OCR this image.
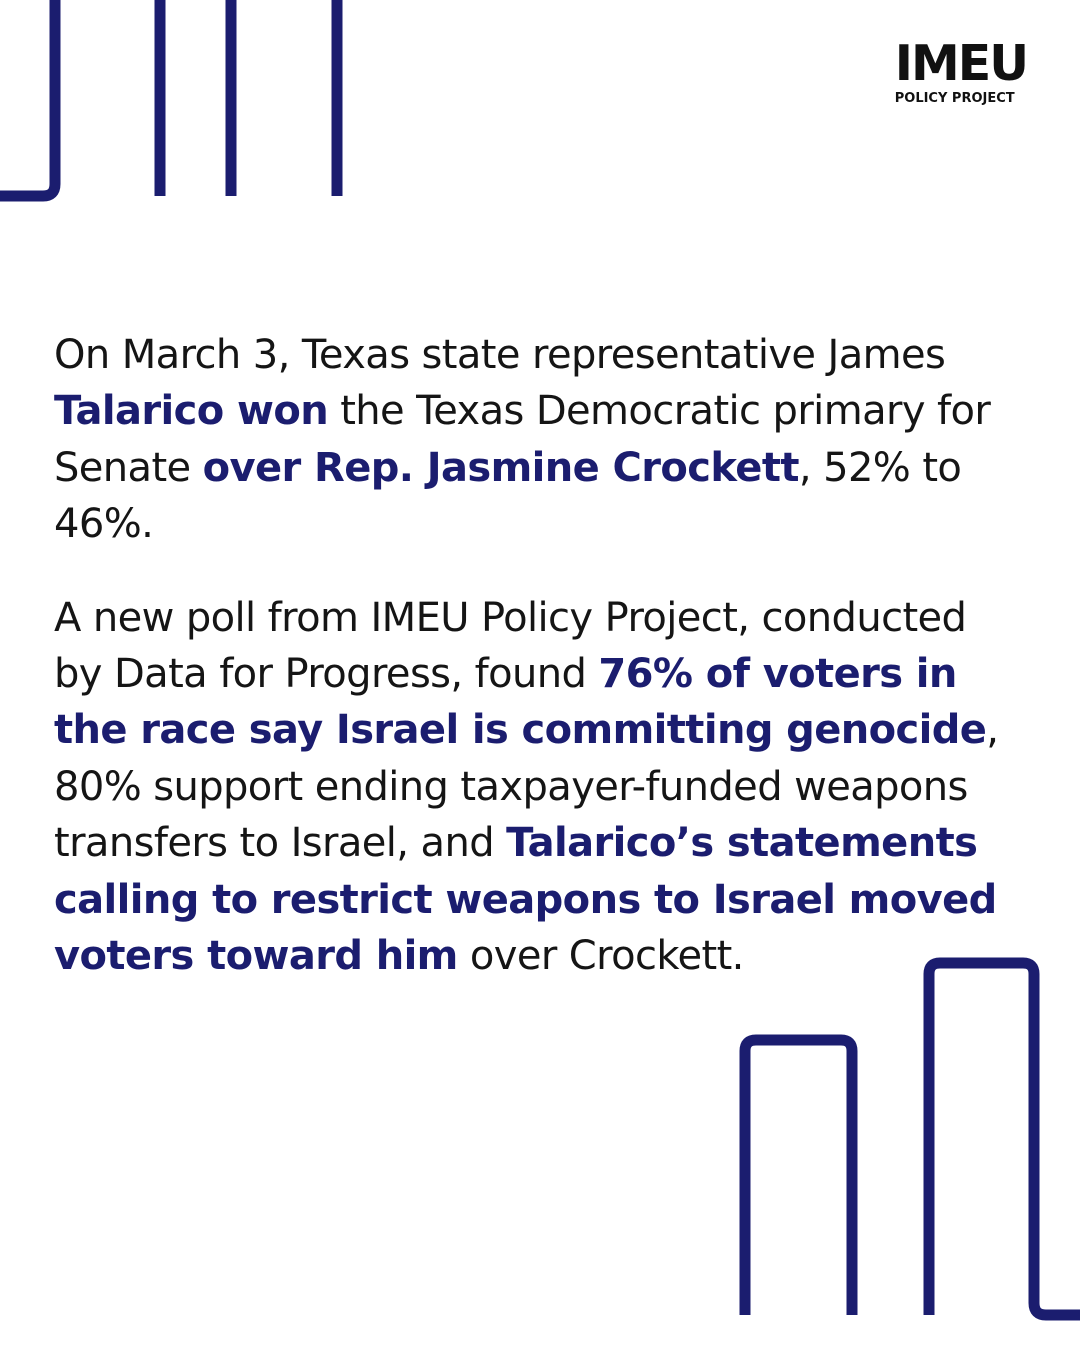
IMEU
POLICY PROJECT

On March 3, Texas state representative James Talarico won the Texas Democratic primary for Senate over Rep. Jasmine Crockett, 52% to 46%.

A new poll from IMEU Policy Project, conducted by Data for Progress, found 76% of voters in the race say Israel is committing genocide, 80% support ending taxpayer-funded weapons transfers to Israel, and Talarico’s statements calling to restrict weapons to Israel moved voters toward him over Crockett.
